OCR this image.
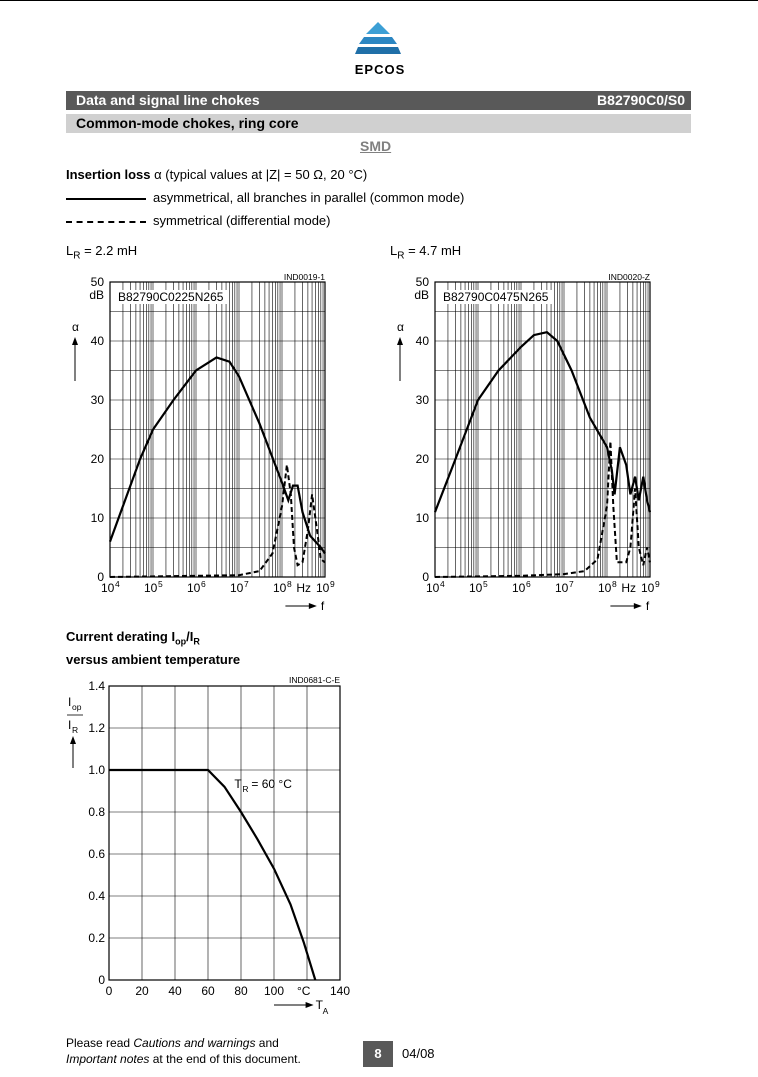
EPCOS
Data and signal line chokes	B82790C0/S0
Common-mode chokes, ring core
SMD
Insertion loss α (typical values at |Z| = 50 Ω, 20 °C)
asymmetrical, all branches in parallel (common mode)
symmetrical (differential mode)
$L_R = 2.2$ mH	$L_R = 4.7$ mH
B82790C0225N265
IND0019-1
0
10
20
30
40
50
dB
α
10 4 10 5 10 6 10 7 10 8 10 9
Hz
f
B82790C0475N265
IND0020-Z
0
10
20
30
40
50
dB
α
10 4 10 5 10 6 10 7 10 8 10 9
Hz
f
Current derating $I_{op}/I_R$
versus ambient temperature
IND0681-C-E
0
0.2
0.4
0.6
0.8
1.0
1.2
1.4
0 20 40 60 80 100	140
°C
I op
I R
T A
T R = 60 °C
Please read Cautions and warnings and
Important notes at the end of this document.	8	04/08
